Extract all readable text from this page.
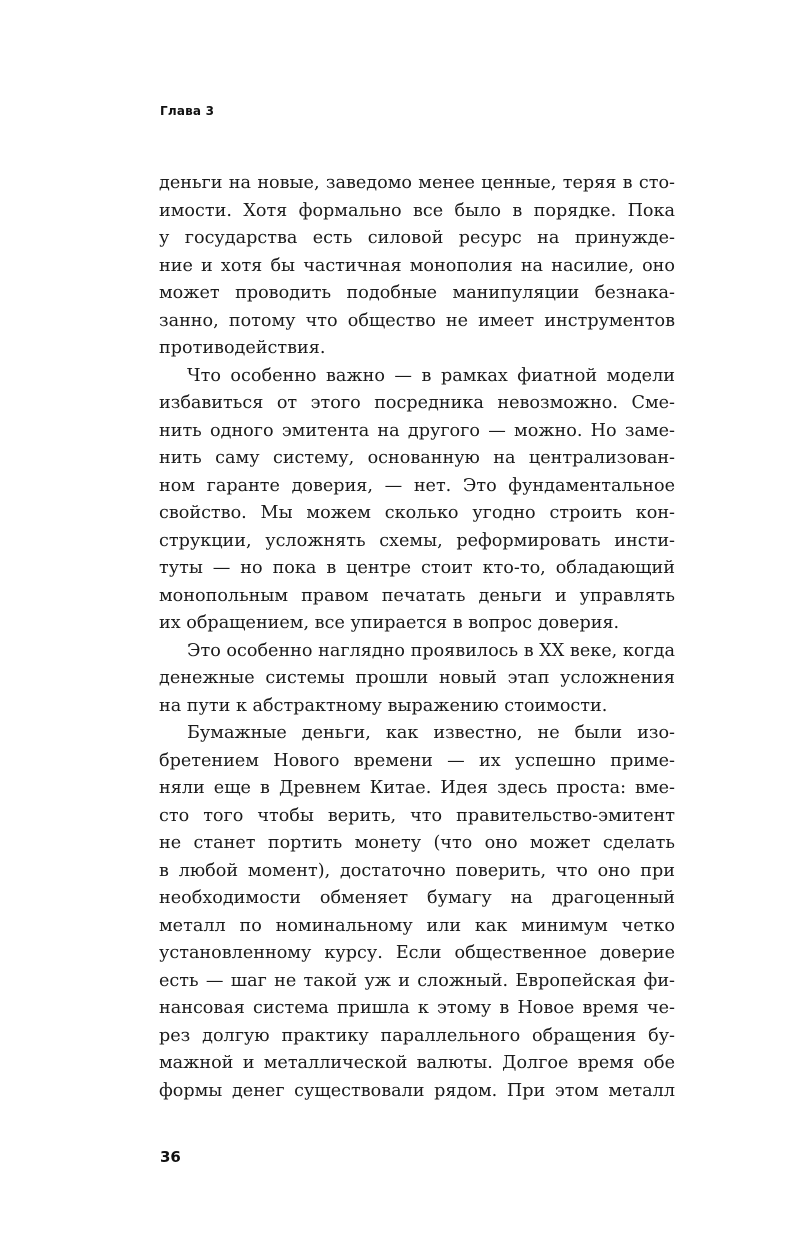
Глава 3
деньги на новые, заведомо менее ценные, теряя в сто-
имости. Хотя формально все было в порядке. Пока
у государства есть силовой ресурс на принужде-
ние и хотя бы частичная монополия на насилие, оно
может проводить подобные манипуляции безнака-
занно, потому что общество не имеет инструментов
противодействия.
Что особенно важно — в рамках фиатной модели
избавиться от этого посредника невозможно. Сме-
нить одного эмитента на другого — можно. Но заме-
нить саму систему, основанную на централизован-
ном гаранте доверия, — нет. Это фундаментальное
свойство. Мы можем сколько угодно строить кон-
струкции, усложнять схемы, реформировать инсти-
туты — но пока в центре стоит кто-то, обладающий
монопольным правом печатать деньги и управлять
их обращением, все упирается в вопрос доверия.
Это особенно наглядно проявилось в XX веке, когда
денежные системы прошли новый этап усложнения
на пути к абстрактному выражению стоимости.
Бумажные деньги, как известно, не были изо-
бретением Нового времени — их успешно приме-
няли еще в Древнем Китае. Идея здесь проста: вме-
сто того чтобы верить, что правительство-эмитент
не станет портить монету (что оно может сделать
в любой момент), достаточно поверить, что оно при
необходимости обменяет бумагу на драгоценный
металл по номинальному или как минимум четко
установленному курсу. Если общественное доверие
есть — шаг не такой уж и сложный. Европейская фи-
нансовая система пришла к этому в Новое время че-
рез долгую практику параллельного обращения бу-
мажной и металлической валюты. Долгое время обе
формы денег существовали рядом. При этом металл
36
